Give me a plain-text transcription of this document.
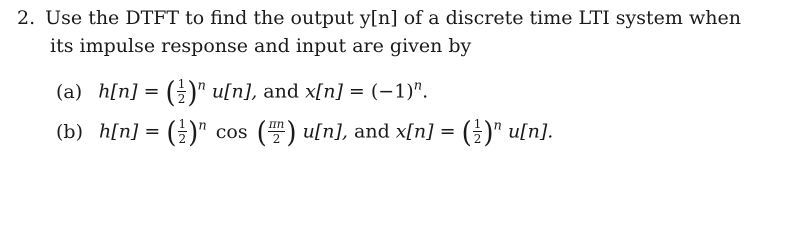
2. Use the DTFT to find the output y[n] of a discrete time LTI system when
its impulse response and input are given by
(a) h[n] = ( $\frac{1}{2} )^n$ u[n], and $x[n] = (-1)^n$.
(b) h[n] = ( $\frac{1}{2} )^n$ cos ( $\frac{\pi n}{2}$ ) u[n], and x[n] = ( $\frac{1}{2} )^n$ u[n].
